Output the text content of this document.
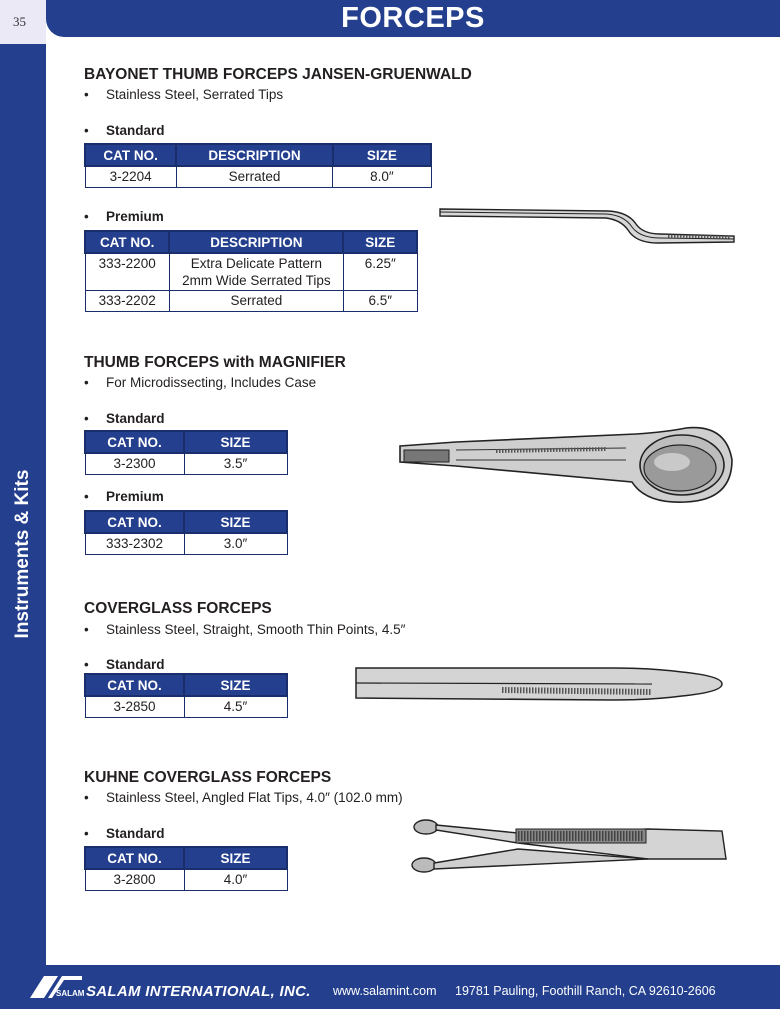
35	FORCEPS
Instruments & Kits
BAYONET THUMB FORCEPS JANSEN-GRUENWALD
• Stainless Steel, Serrated Tips
• Standard
CAT NO.	DESCRIPTION	SIZE
3-2204	Serrated	8.0″
• Premium
CAT NO.	DESCRIPTION	SIZE
333-2200	Extra Delicate Pattern
2mm Wide Serrated Tips	6.25″
333-2202	Serrated	6.5″
THUMB FORCEPS with MAGNIFIER
• For Microdissecting, Includes Case
• Standard
CAT NO.	SIZE
3-2300	3.5″
• Premium
CAT NO.	SIZE
333-2302	3.0″
COVERGLASS FORCEPS
• Stainless Steel, Straight, Smooth Thin Points, 4.5″
• Standard
CAT NO.	SIZE
3-2850	4.5″
KUHNE COVERGLASS FORCEPS
• Stainless Steel, Angled Flat Tips, 4.0″ (102.0 mm)
• Standard
CAT NO.	SIZE
3-2800	4.0″
SALAM SALAM INTERNATIONAL, INC. www.salamint.com 19781 Pauling, Foothill Ranch, CA 92610-2606
